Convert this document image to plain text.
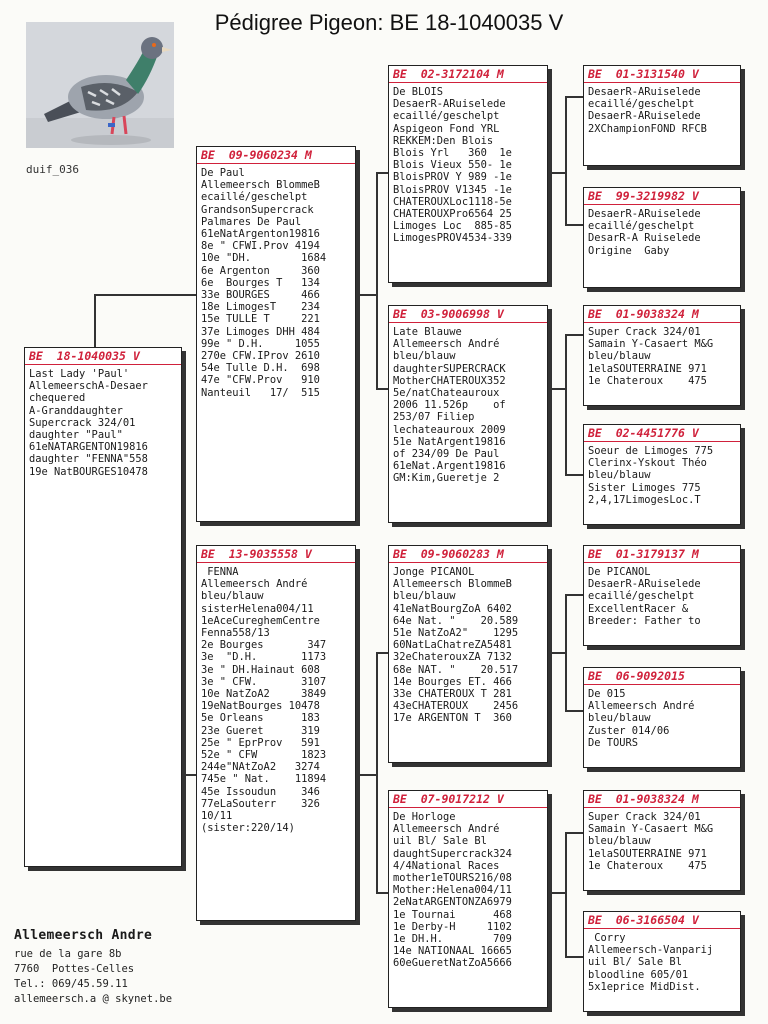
Pédigree Pigeon: BE 18-1040035 V
duif_036
BE  18-1040035 V
Last Lady 'Paul'
AllemeerschA-Desaer
chequered
A-Granddaughter
Supercrack 324/01
daughter "Paul"
61eNATARGENTON19816
daughter "FENNA"558
19e NatBOURGES10478
BE  09-9060234 M
De Paul
Allemeersch BlommeB
ecaillé/geschelpt
GrandsonSupercrack
Palmares De Paul
61eNatArgenton19816
8e " CFWI.Prov 4194
10e "DH.        1684
6e Argenton     360
6e  Bourges T   134
33e BOURGES     466
18e LimogesT    234
15e TULLE T     221
37e Limoges DHH 484
99e " D.H.     1055
270e CFW.IProv 2610
54e Tulle D.H.  698
47e "CFW.Prov   910
Nanteuil   17/  515
BE  13-9035558 V
FENNA
Allemeersch André
bleu/blauw
sisterHelena004/11
1eAceCureghemCentre
Fenna558/13
2e Bourges       347
3e  "D.H.       1173
3e " DH.Hainaut 608
3e " CFW.       3107
10e NatZoA2     3849
19eNatBourges 10478
5e Orleans      183
23e Gueret      319
25e " EprProv   591
52e " CFW       1823
244e"NAtZoA2   3274
745e " Nat.    11894
45e Issoudun    346
77eLaSouterr    326
10/11
(sister:220/14)
BE  02-3172104 M
De BLOIS
DesaerR-ARuiselede
ecaillé/geschelpt
Aspigeon Fond YRL
REKKEM:Den Blois
Blois Yrl   360  1e
Blois Vieux 550- 1e
BloisPROV Y 989 -1e
BloisPROV V1345 -1e
CHATEROUXLoc1118-5e
CHATEROUXPro6564 25
Limoges Loc  885-85
LimogesPROV4534-339
BE  03-9006998 V
Late Blauwe
Allemeersch André
bleu/blauw
daughterSUPERCRACK
MotherCHATEROUX352
5e/natChateauroux
2006 11.526p    of
253/07 Filiep
lechateauroux 2009
51e NatArgent19816
of 234/09 De Paul
61eNat.Argent19816
GM:Kim,Gueretje 2
BE  09-9060283 M
Jonge PICANOL
Allemeersch BlommeB
bleu/blauw
41eNatBourgZoA 6402
64e Nat. "    20.589
51e NatZoA2"    1295
60NatLaChatreZA5481
32eChaterouxZA 7132
68e NAT. "    20.517
14e Bourges ET. 466
33e CHATEROUX T 281
43eCHATEROUX    2456
17e ARGENTON T  360
BE  07-9017212 V
De Horloge
Allemeersch André
uil Bl/ Sale Bl
daughtSupercrack324
4/4National Races
mother1eTOURS216/08
Mother:Helena004/11
2eNatARGENTONZA6979
1e Tournai      468
1e Derby-H     1102
1e DH.H.        709
14e NATIONAAL 16665
60eGueretNatZoA5666
BE  01-3131540 V
DesaerR-ARuiselede
ecaillé/geschelpt
DesaerR-ARuiselede
2XChampionFOND RFCB
BE  99-3219982 V
DesaerR-ARuiselede
ecaillé/geschelpt
DesarR-A Ruiselede
Origine  Gaby
BE  01-9038324 M
Super Crack 324/01
Samain Y-Casaert M&G
bleu/blauw
1elaSOUTERRAINE 971
1e Chateroux    475
BE  02-4451776 V
Soeur de Limoges 775
Clerinx-Yskout Théo
bleu/blauw
Sister Limoges 775
2,4,17LimogesLoc.T
BE  01-3179137 M
De PICANOL
DesaerR-ARuiselede
ecaillé/geschelpt
ExcellentRacer &
Breeder: Father to
BE  06-9092015
De 015
Allemeersch André
bleu/blauw
Zuster 014/06
De TOURS
BE  01-9038324 M
Super Crack 324/01
Samain Y-Casaert M&G
bleu/blauw
1elaSOUTERRAINE 971
1e Chateroux    475
BE  06-3166504 V
Corry
Allemeersch-Vanparij
uil Bl/ Sale Bl
bloodline 605/01
5x1eprice MidDist.
Allemeersch Andre
rue de la gare 8b
7760  Pottes-Celles
Tel.: 069/45.59.11
allemeersch.a @ skynet.be
